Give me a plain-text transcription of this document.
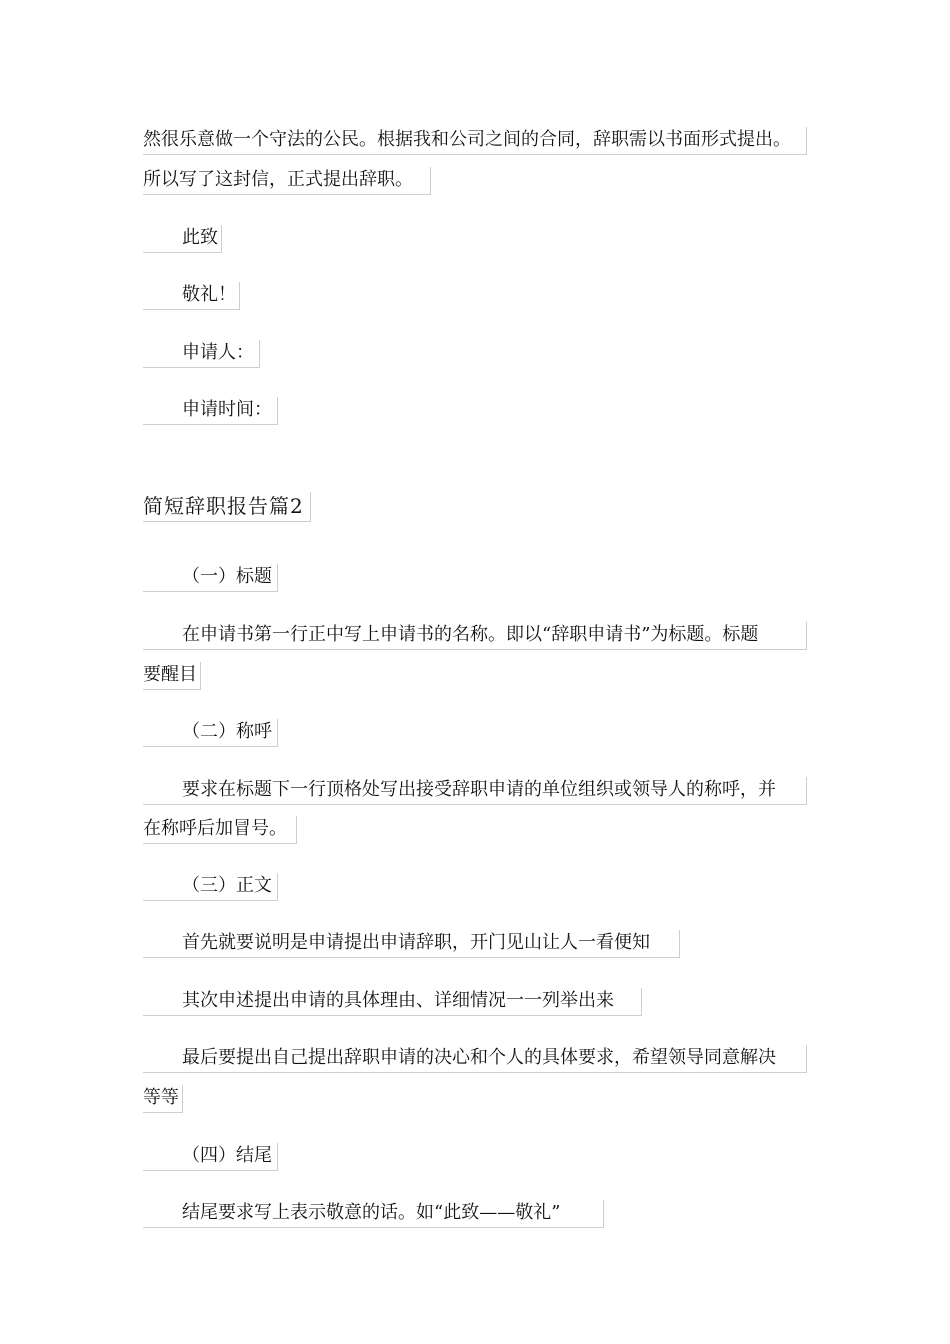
然很乐意做一个守法的公民。根据我和公司之间的合同，辞职需以书面形式提出。
所以写了这封信，正式提出辞职。
此致
敬礼！
申请人：
申请时间：
简短辞职报告篇2
（一）标题
在申请书第一行正中写上申请书的名称。即以“辞职申请书”为标题。标题
要醒目
（二）称呼
要求在标题下一行顶格处写出接受辞职申请的单位组织或领导人的称呼，并
在称呼后加冒号。
（三）正文
首先就要说明是申请提出申请辞职，开门见山让人一看便知
其次申述提出申请的具体理由、详细情况一一列举出来
最后要提出自己提出辞职申请的决心和个人的具体要求，希望领导同意解决
等等
（四）结尾
结尾要求写上表示敬意的话。如“此致——敬礼”
